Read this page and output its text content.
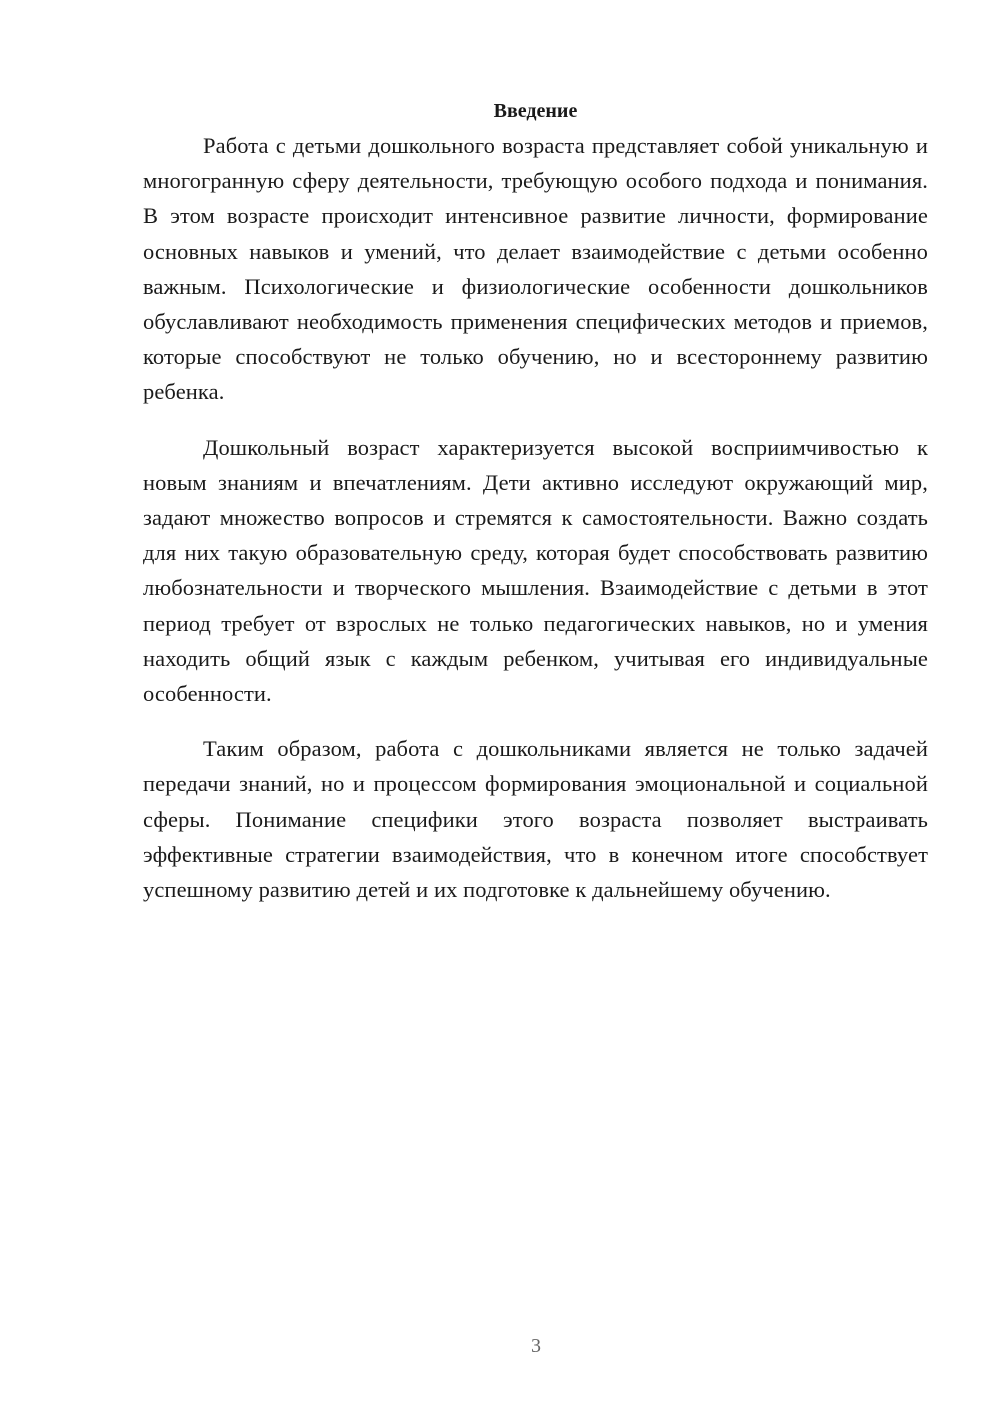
Введение

Работа с детьми дошкольного возраста представляет собой уникальную и многогранную сферу деятельности, требующую особого подхода и понимания. В этом возрасте происходит интенсивное развитие личности, формирование основных навыков и умений, что делает взаимодействие с детьми особенно важным. Психологические и физиологические особенности дошкольников обуславливают необходимость применения специфических методов и приемов, которые способствуют не только обучению, но и всестороннему развитию ребенка.

Дошкольный возраст характеризуется высокой восприимчивостью к новым знаниям и впечатлениям. Дети активно исследуют окружающий мир, задают множество вопросов и стремятся к самостоятельности. Важно создать для них такую образовательную среду, которая будет способствовать развитию любознательности и творческого мышления. Взаимодействие с детьми в этот период требует от взрослых не только педагогических навыков, но и умения находить общий язык с каждым ребенком, учитывая его индивидуальные особенности.

Таким образом, работа с дошкольниками является не только задачей передачи знаний, но и процессом формирования эмоциональной и социальной сферы. Понимание специфики этого возраста позволяет выстраивать эффективные стратегии взаимодействия, что в конечном итоге способствует успешному развитию детей и их подготовке к дальнейшему обучению.

3
